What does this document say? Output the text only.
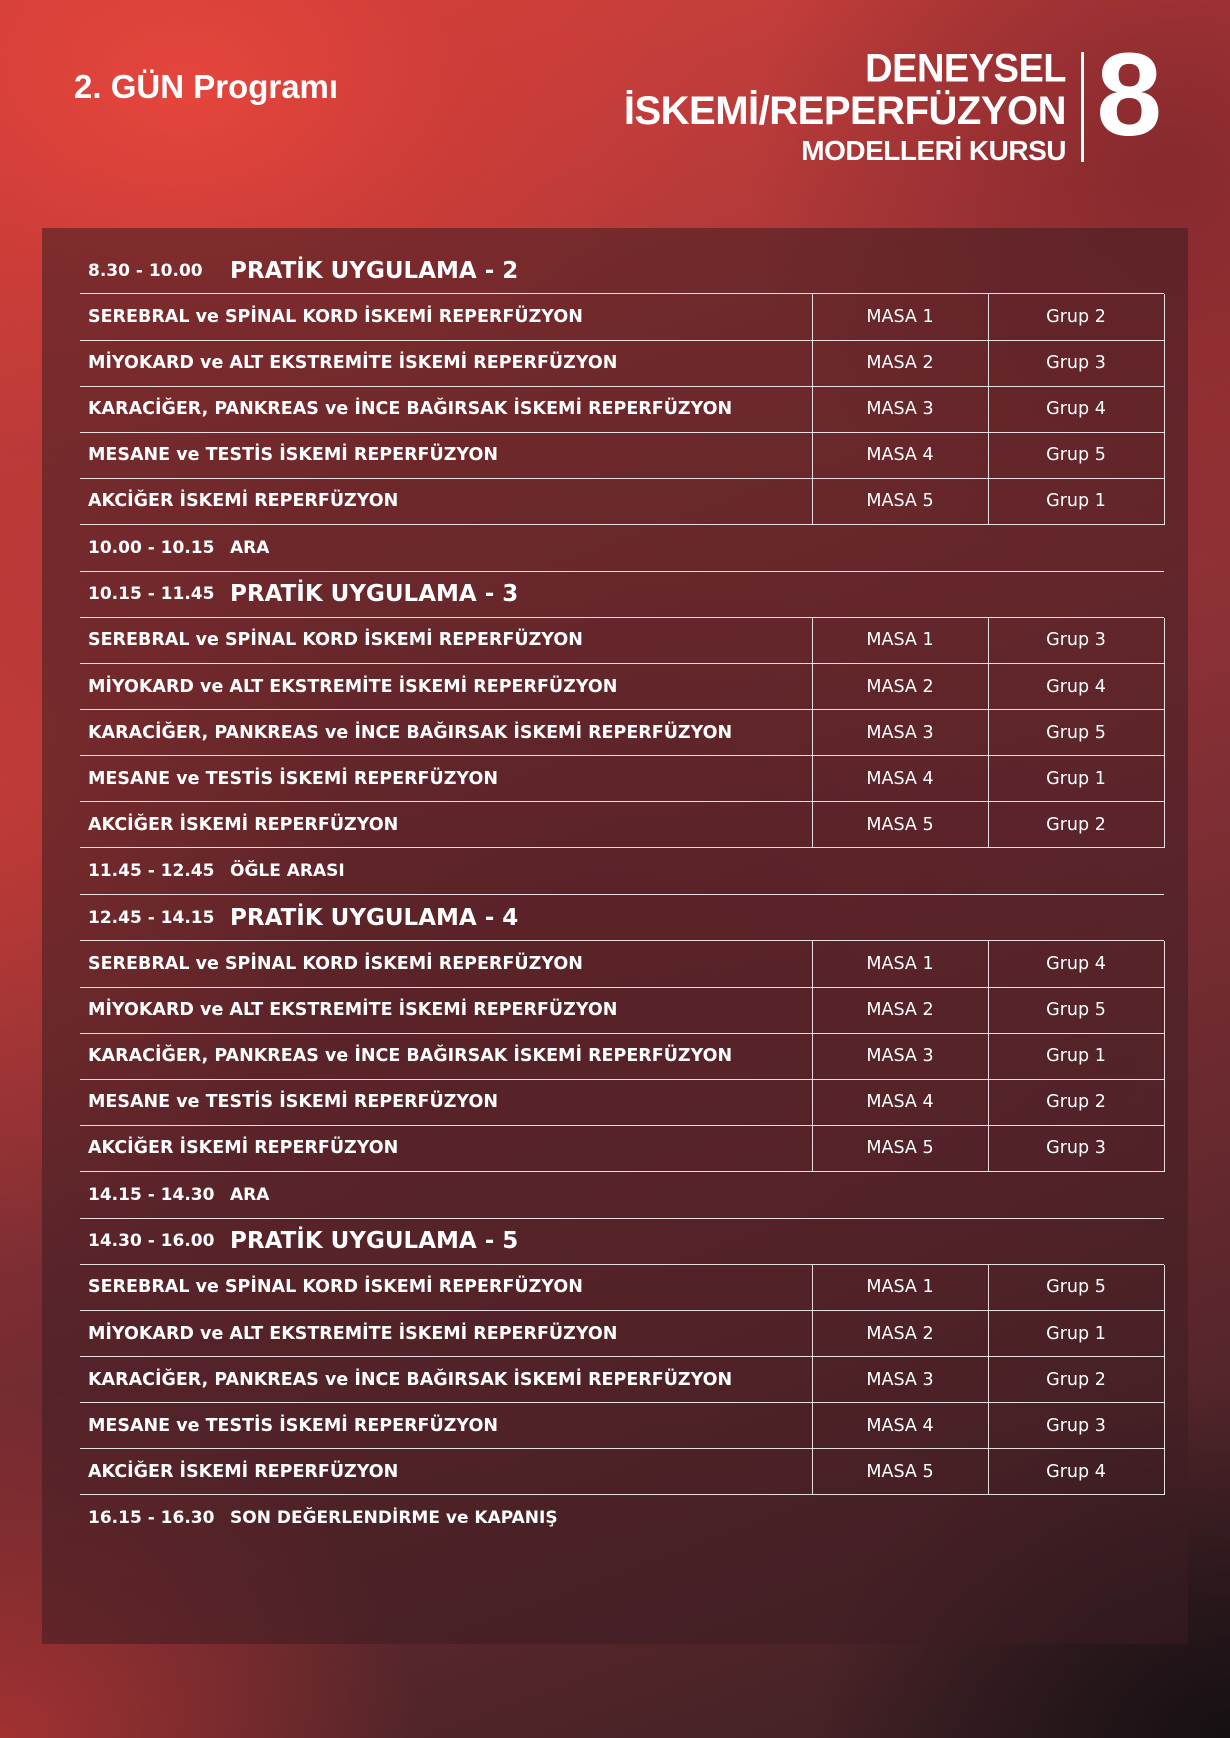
2. GÜN Programı	DENEYSEL
İSKEMİ/REPERFÜZYON
MODELLERİ KURSU 8
8.30 - 10.00	PRATİK UYGULAMA - 2
SEREBRAL ve SPİNAL KORD İSKEMİ REPERFÜZYON	MASA 1	Grup 2
MİYOKARD ve ALT EKSTREMİTE İSKEMİ REPERFÜZYON	MASA 2	Grup 3
KARACİĞER, PANKREAS ve İNCE BAĞIRSAK İSKEMİ REPERFÜZYON	MASA 3	Grup 4
MESANE ve TESTİS İSKEMİ REPERFÜZYON	MASA 4	Grup 5
AKCİĞER İSKEMİ REPERFÜZYON	MASA 5	Grup 1
10.00 - 10.15 ARA
10.15 - 11.45 PRATİK UYGULAMA - 3
SEREBRAL ve SPİNAL KORD İSKEMİ REPERFÜZYON	MASA 1	Grup 3
MİYOKARD ve ALT EKSTREMİTE İSKEMİ REPERFÜZYON	MASA 2	Grup 4
KARACİĞER, PANKREAS ve İNCE BAĞIRSAK İSKEMİ REPERFÜZYON	MASA 3	Grup 5
MESANE ve TESTİS İSKEMİ REPERFÜZYON	MASA 4	Grup 1
AKCİĞER İSKEMİ REPERFÜZYON	MASA 5	Grup 2
11.45 - 12.45 ÖĞLE ARASI
12.45 - 14.15 PRATİK UYGULAMA - 4
SEREBRAL ve SPİNAL KORD İSKEMİ REPERFÜZYON	MASA 1	Grup 4
MİYOKARD ve ALT EKSTREMİTE İSKEMİ REPERFÜZYON	MASA 2	Grup 5
KARACİĞER, PANKREAS ve İNCE BAĞIRSAK İSKEMİ REPERFÜZYON	MASA 3	Grup 1
MESANE ve TESTİS İSKEMİ REPERFÜZYON	MASA 4	Grup 2
AKCİĞER İSKEMİ REPERFÜZYON	MASA 5	Grup 3
14.15 - 14.30 ARA
14.30 - 16.00 PRATİK UYGULAMA - 5
SEREBRAL ve SPİNAL KORD İSKEMİ REPERFÜZYON	MASA 1	Grup 5
MİYOKARD ve ALT EKSTREMİTE İSKEMİ REPERFÜZYON	MASA 2	Grup 1
KARACİĞER, PANKREAS ve İNCE BAĞIRSAK İSKEMİ REPERFÜZYON	MASA 3	Grup 2
MESANE ve TESTİS İSKEMİ REPERFÜZYON	MASA 4	Grup 3
AKCİĞER İSKEMİ REPERFÜZYON	MASA 5	Grup 4
16.15 - 16.30 SON DEĞERLENDİRME ve KAPANIŞ
